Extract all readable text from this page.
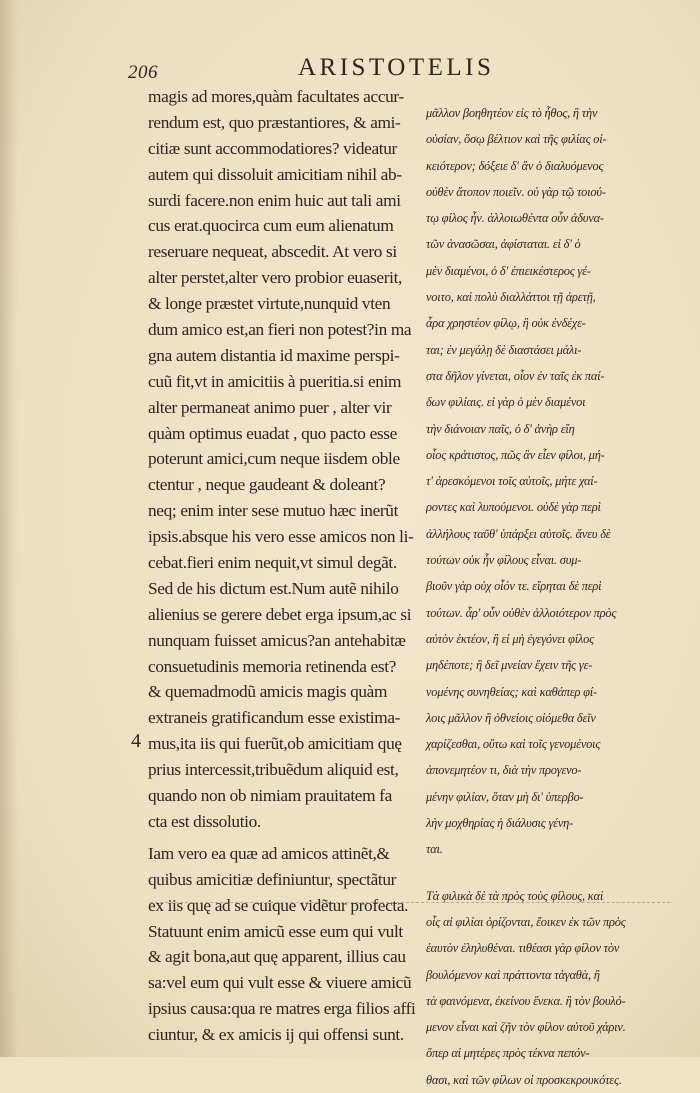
206	ARISTOTELIS
4
magis ad mores,quàm facultates accur-
rendum est, quo præstantiores, & ami-
citiæ sunt accommodatiores? videatur
autem qui dissoluit amicitiam nihil ab-
surdi facere.non enim huic aut tali ami
cus erat.quocirca cum eum alienatum
reseruare nequeat, abscedit. At vero si
alter perstet,alter vero probior euaserit,
& longe præstet virtute,nunquid vten
dum amico est,an fieri non potest?in ma
gna autem distantia id maxime perspi-
cuũ fit,vt in amicitiis à pueritia.si enim
alter permaneat animo puer , alter vir
quàm optimus euadat , quo pacto esse
poterunt amici,cum neque iisdem oble
ctentur , neque gaudeant & doleant?
neq; enim inter sese mutuo hæc inerũt
ipsis.absque his vero esse amicos non li-
cebat.fieri enim nequit,vt simul degãt.
Sed de his dictum est.Num autẽ nihilo
alienius se gerere debet erga ipsum,ac si
nunquam fuisset amicus?an antehabitæ
consuetudinis memoria retinenda est?
& quemadmodũ amicis magis quàm
extraneis gratificandum esse existima-
mus,ita iis qui fuerũt,ob amicitiam quę
prius intercessit,tribuẽdum aliquid est,
quando non ob nimiam prauitatem fa
cta est dissolutio.
Iam vero ea quæ ad amicos attinẽt,&
quibus amicitiæ definiuntur, spectãtur
ex iis quę ad se cuique vidẽtur profecta.
Statuunt enim amicũ esse eum qui vult
& agit bona,aut quę apparent, illius cau
sa:vel eum qui vult esse & viuere amicũ
ipsius causa:qua re matres erga filios affi
ciuntur, & ex amicis ij qui offensi sunt.
μᾶλλον βοηθητέον εἰς τὸ ἦθος, ἢ τὴν
οὐσίαν, ὅσῳ βέλτιον καὶ τῆς φιλίας οἰ-
κειότερον; δόξειε δ' ἂν ὁ διαλυόμενος
οὐθὲν ἄτοπον ποιεῖν. οὐ γὰρ τῷ τοιού-
τῳ φίλος ἦν. ἀλλοιωθέντα οὖν ἀδυνα-
τῶν ἀνασῶσαι, ἀφίσταται. εἰ δ' ὁ
μὲν διαμένοι, ὁ δ' ἐπιεικέστερος γέ-
νοιτο, καὶ πολὺ διαλλάττοι τῇ ἀρετῇ,
ἆρα χρηστέον φίλῳ, ἢ οὐκ ἐνδέχε-
ται; ἐν μεγάλῃ δὲ διαστάσει μάλι-
στα δῆλον γίνεται, οἷον ἐν ταῖς ἐκ παί-
δων φιλίαις. εἰ γὰρ ὁ μὲν διαμένοι
τὴν διάνοιαν παῖς, ὁ δ' ἀνὴρ εἴη
οἷος κράτιστος, πῶς ἂν εἶεν φίλοι, μή-
τ' ἀρεσκόμενοι τοῖς αὐτοῖς, μήτε χαί-
ροντες καὶ λυπούμενοι. οὐδὲ γὰρ περὶ
ἀλλήλους ταῦθ' ὑπάρξει αὐτοῖς. ἄνευ δὲ
τούτων οὐκ ἦν φίλους εἶναι. συμ-
βιοῦν γὰρ οὐχ οἷόν τε. εἴρηται δὲ περὶ
τούτων. ἆρ' οὖν οὐθὲν ἀλλοιότερον πρὸς
αὐτὸν ἑκτέον, ἢ εἰ μὴ ἐγεγόνει φίλος
μηδέποτε; ἢ δεῖ μνείαν ἔχειν τῆς γε-
νομένης συνηθείας; καὶ καθάπερ φί-
λοις μᾶλλον ἢ ὀθνείοις οἰόμεθα δεῖν
χαρίζεσθαι, οὕτω καὶ τοῖς γενομένοις
ἀπονεμητέον τι, διὰ τὴν προγενο-
μένην φιλίαν, ὅταν μὴ δι' ὑπερβο-
λὴν μοχθηρίας ἡ διάλυσις γένη-
ται.
Τὰ φιλικὰ δὲ τὰ πρὸς τοὺς φίλους, καὶ
οἷς αἱ φιλίαι ὁρίζονται, ἔοικεν ἐκ τῶν πρὸς
ἑαυτὸν ἐληλυθέναι. τιθέασι γὰρ φίλον τὸν
βουλόμενον καὶ πράττοντα τἀγαθὰ, ἢ
τὰ φαινόμενα, ἐκείνου ἕνεκα. ἢ τὸν βουλό-
μενον εἶναι καὶ ζῆν τὸν φίλον αὐτοῦ χάριν.
ὅπερ αἱ μητέρες πρὸς τέκνα πεπόν-
θασι, καὶ τῶν φίλων οἱ προσκεκρουκότες.
